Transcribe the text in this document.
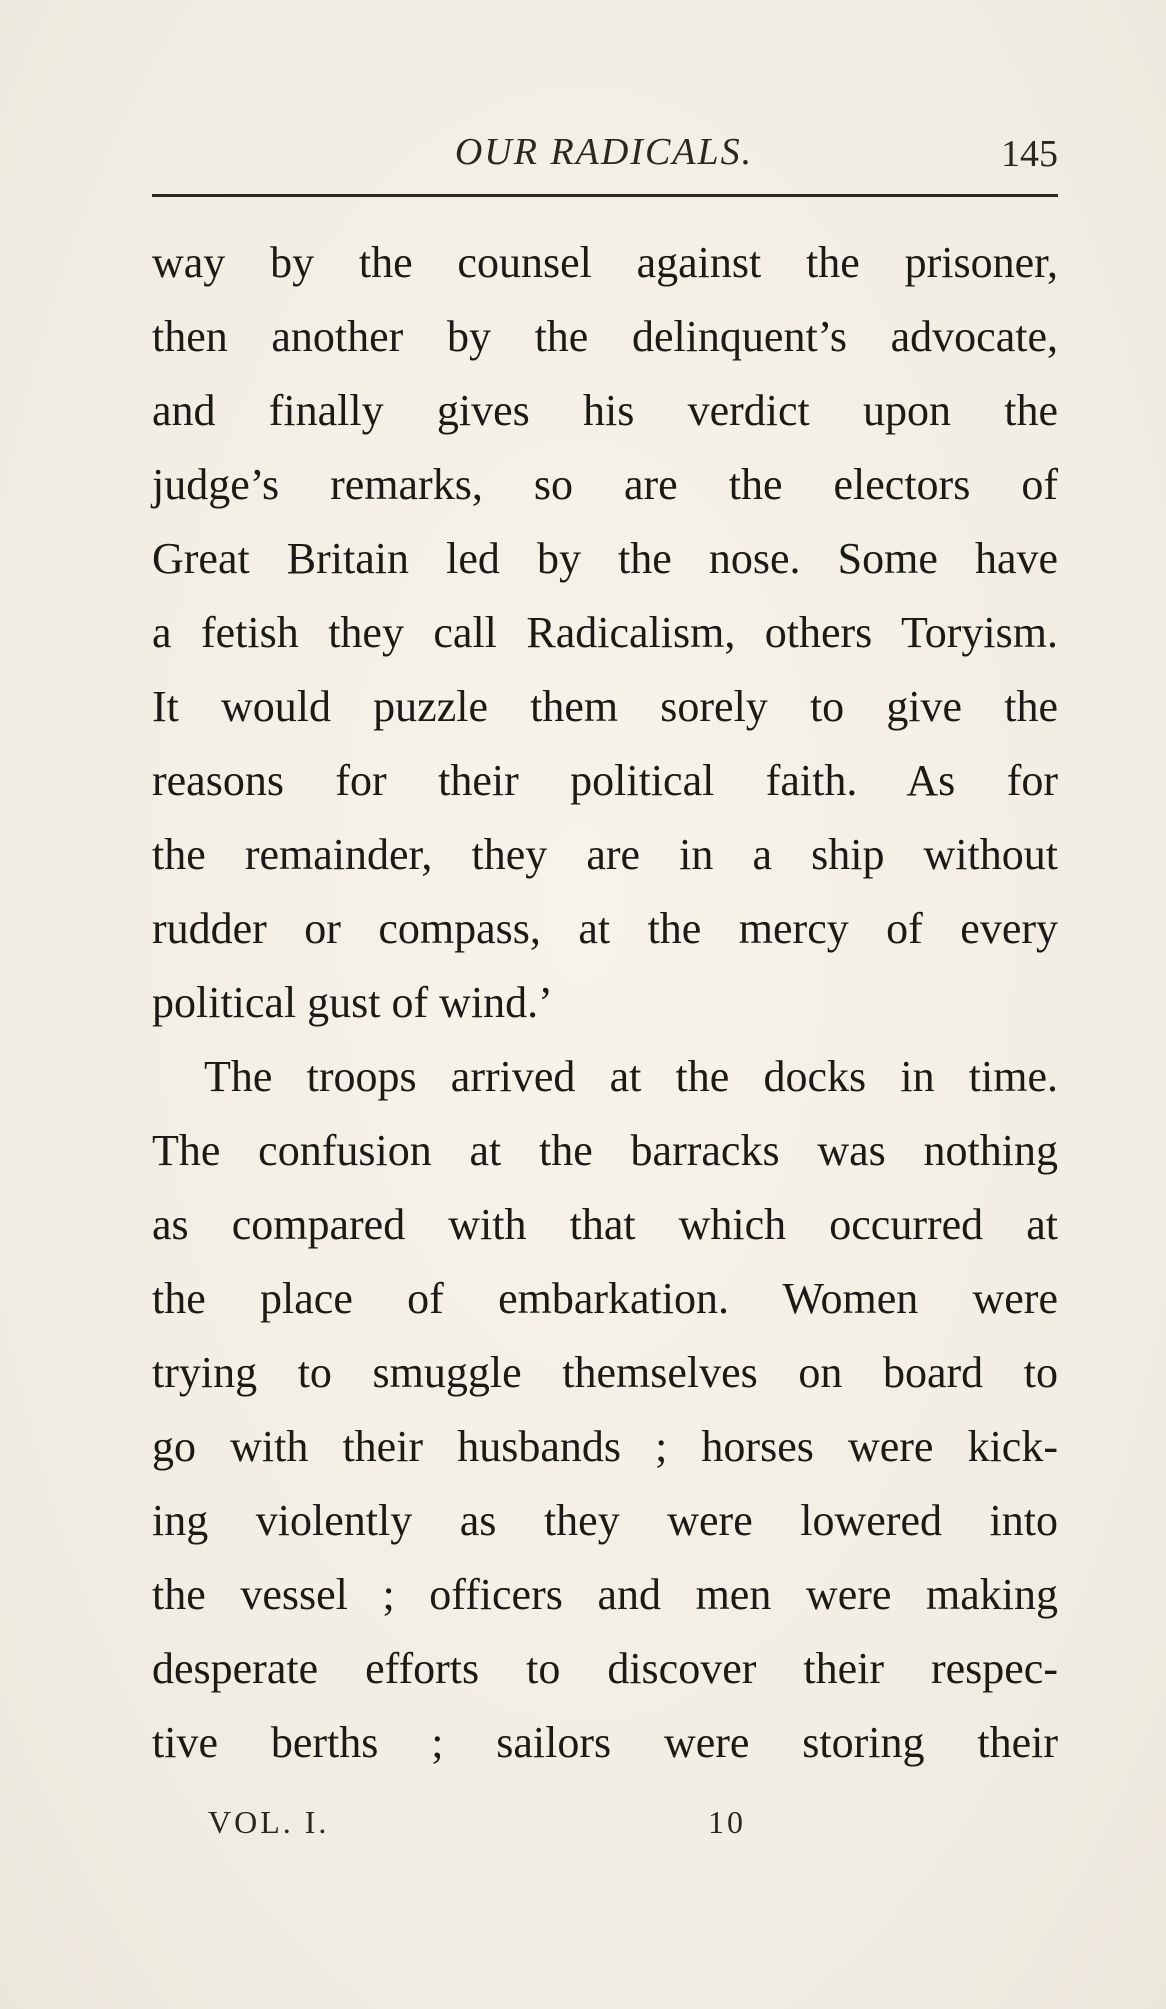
OUR RADICALS.	145
way by the counsel against the prisoner,
then another by the delinquent’s advocate,
and finally gives his verdict upon the
judge’s remarks, so are the electors of
Great Britain led by the nose. Some have
a fetish they call Radicalism, others Toryism.
It would puzzle them sorely to give the
reasons for their political faith. As for
the remainder, they are in a ship without
rudder or compass, at the mercy of every
political gust of wind.’
The troops arrived at the docks in time.
The confusion at the barracks was nothing
as compared with that which occurred at
the place of embarkation. Women were
trying to smuggle themselves on board to
go with their husbands ; horses were kick-
ing violently as they were lowered into
the vessel ; officers and men were making
desperate efforts to discover their respec-
tive berths ; sailors were storing their
VOL. I.	10
